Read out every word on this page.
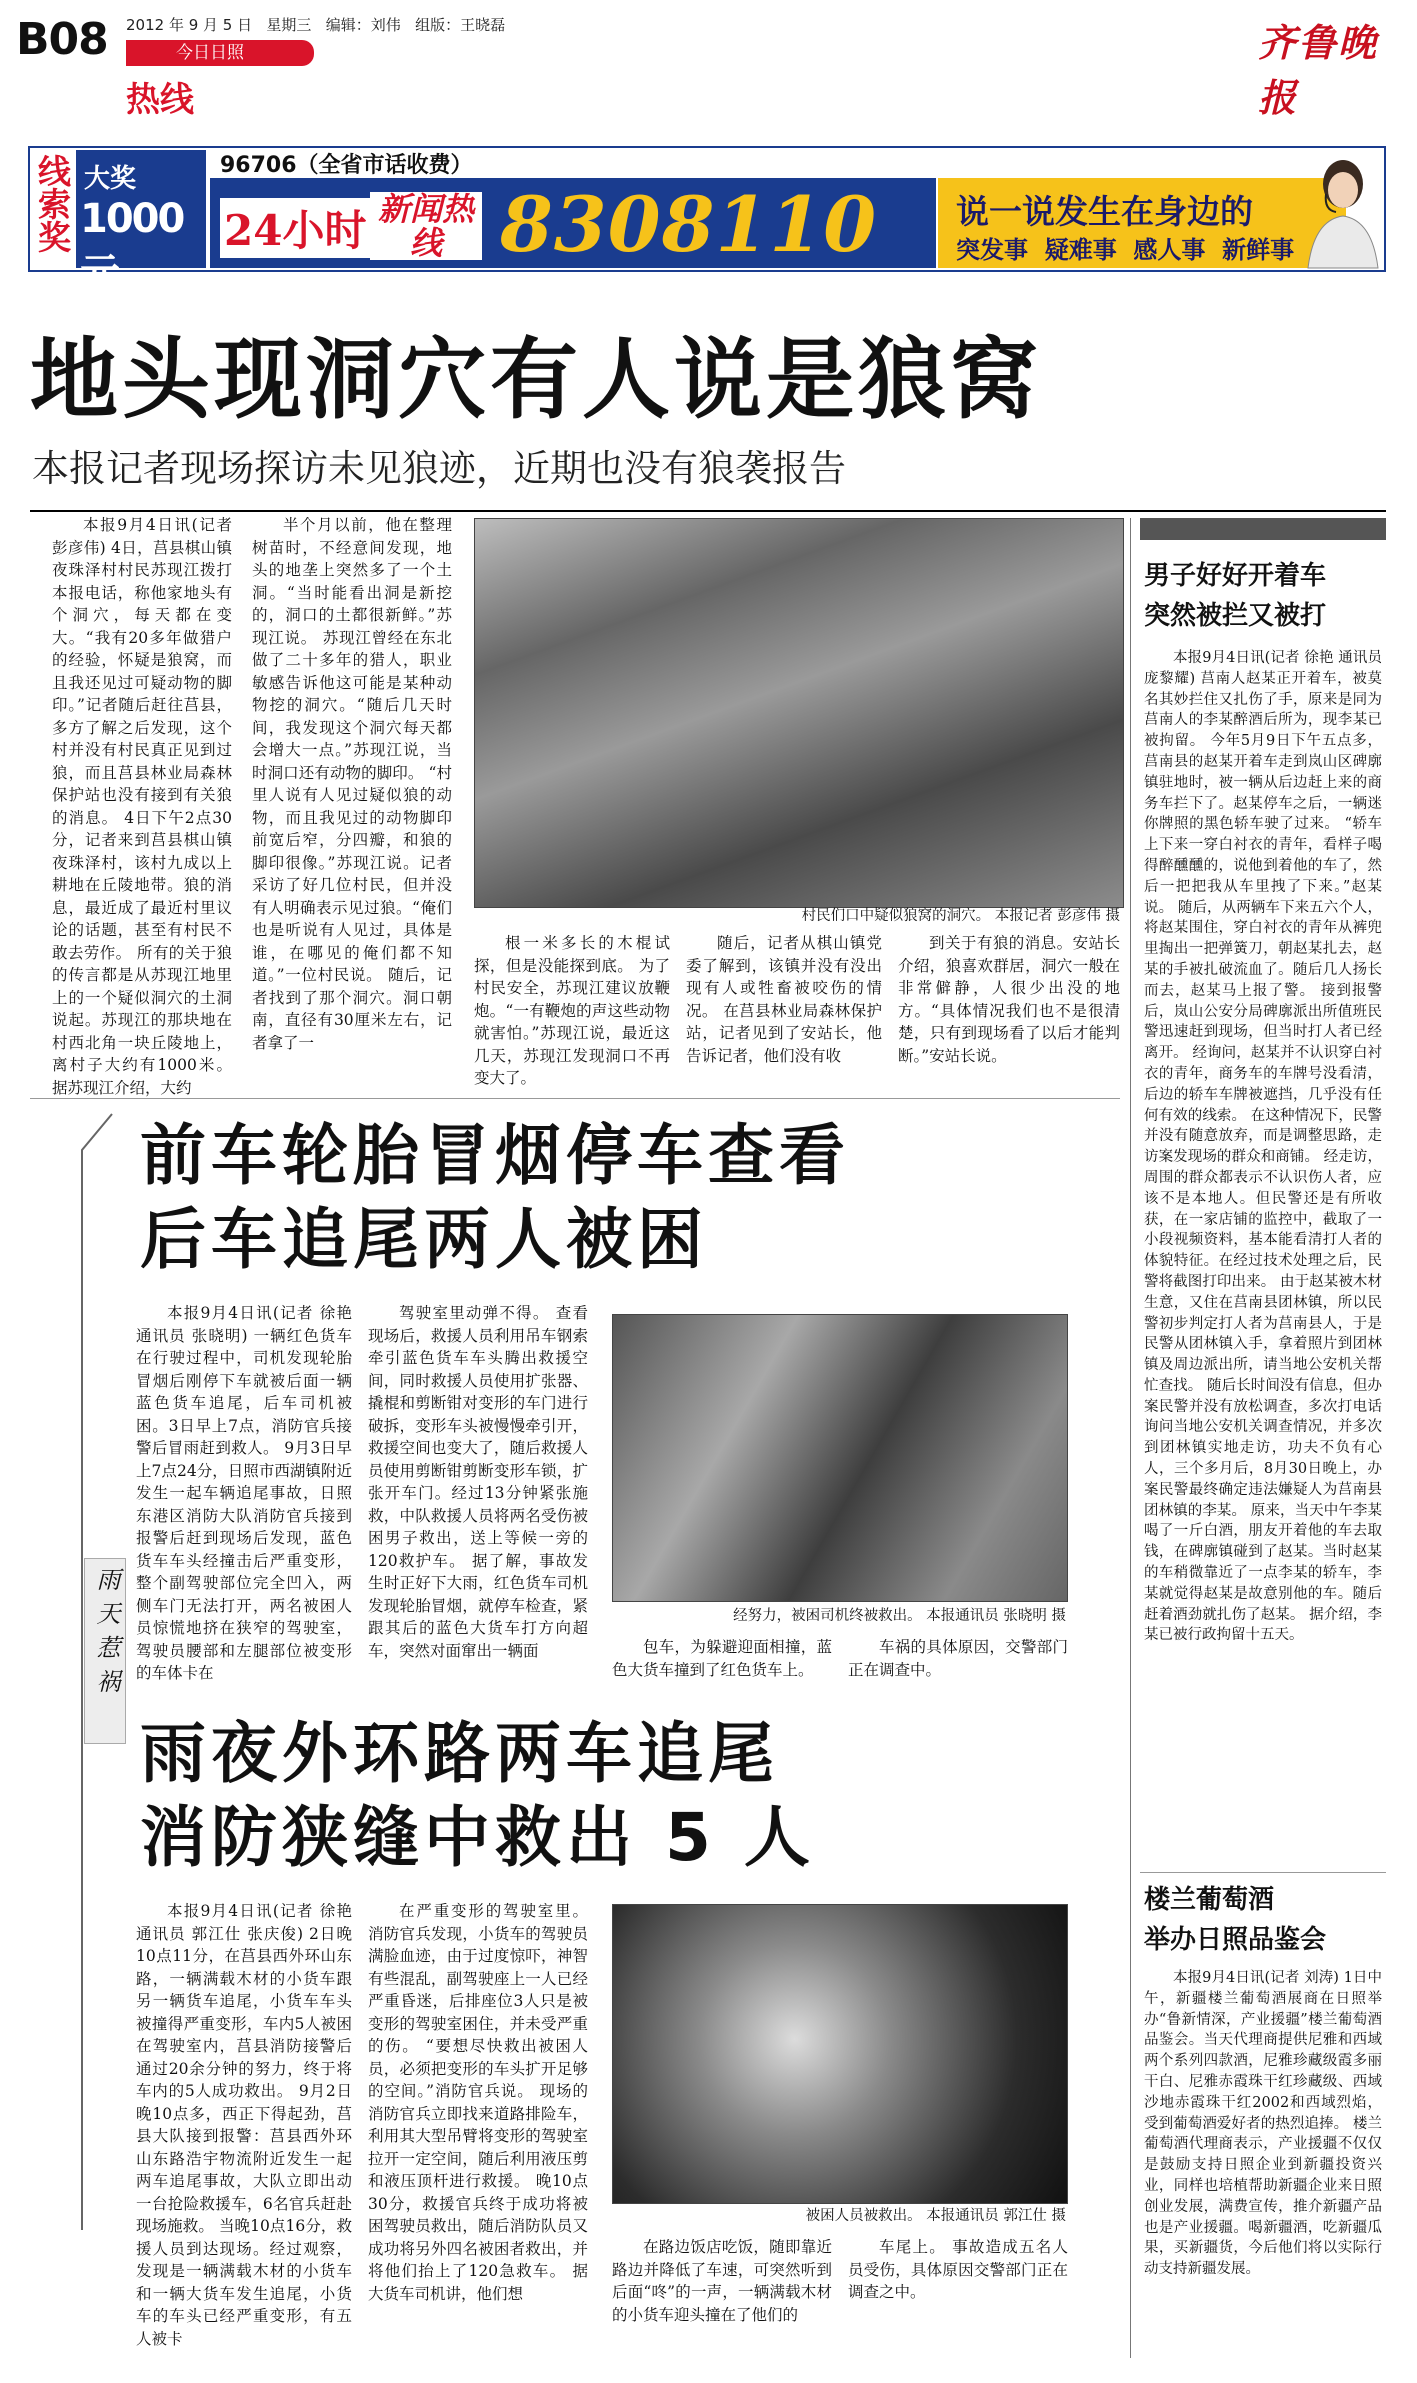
B08 2012 年 9 月 5 日 星期三 编辑：刘伟 组版：王晓磊
今日日照
热线
齐鲁晚报
线索奖 大奖
1000元
96706（全省市话收费）
24小时 新闻热线 8308110 说一说发生在身边的
突发事  疑难事  感人事  新鲜事
地头现洞穴有人说是狼窝
本报记者现场探访未见狼迹，近期也没有狼袭报告

本报9月4日讯(记者 彭彦伟) 4日，莒县棋山镇夜珠泽村村民苏现江拨打本报电话，称他家地头有个洞穴，每天都在变大。“我有20多年做猎户的经验，怀疑是狼窝，而且我还见过可疑动物的脚印。”记者随后赶往莒县，多方了解之后发现，这个村并没有村民真正见到过狼，而且莒县林业局森林保护站也没有接到有关狼的消息。 4日下午2点30分，记者来到莒县棋山镇夜珠泽村，该村九成以上耕地在丘陵地带。狼的消息，最近成了最近村里议论的话题，甚至有村民不敢去劳作。 所有的关于狼的传言都是从苏现江地里上的一个疑似洞穴的土洞说起。苏现江的那块地在村西北角一块丘陵地上，离村子大约有1000米。 据苏现江介绍，大约

半个月以前，他在整理树苗时，不经意间发现，地头的地垄上突然多了一个土洞。“当时能看出洞是新挖的，洞口的土都很新鲜。”苏现江说。 苏现江曾经在东北做了二十多年的猎人，职业敏感告诉他这可能是某种动物挖的洞穴。“随后几天时间，我发现这个洞穴每天都会增大一点。”苏现江说，当时洞口还有动物的脚印。 “村里人说有人见过疑似狼的动物，而且我见过的动物脚印前宽后窄，分四瓣，和狼的脚印很像。”苏现江说。记者采访了好几位村民，但并没有人明确表示见过狼。“俺们也是听说有人见过，具体是谁，在哪见的俺们都不知道。”一位村民说。 随后，记者找到了那个洞穴。洞口朝南，直径有30厘米左右，记者拿了一

村民们口中疑似狼窝的洞穴。 本报记者 彭彦伟 摄

根一米多长的木棍试探，但是没能探到底。 为了村民安全，苏现江建议放鞭炮。“一有鞭炮的声这些动物就害怕。”苏现江说，最近这几天，苏现江发现洞口不再变大了。

随后，记者从棋山镇党委了解到，该镇并没有没出现有人或牲畜被咬伤的情况。 在莒县林业局森林保护站，记者见到了安站长，他告诉记者，他们没有收

到关于有狼的消息。安站长介绍，狼喜欢群居，洞穴一般在非常僻静，人很少出没的地方。“具体情况我们也不是很清楚，只有到现场看了以后才能判断。”安站长说。

男子好好开着车
突然被拦又被打

本报9月4日讯(记者 徐艳 通讯员 庞黎耀) 莒南人赵某正开着车，被莫名其妙拦住又扎伤了手，原来是同为莒南人的李某醉酒后所为，现李某已被拘留。 今年5月9日下午五点多，莒南县的赵某开着车走到岚山区碑廓镇驻地时，被一辆从后边赶上来的商务车拦下了。赵某停车之后，一辆迷你牌照的黑色轿车驶了过来。 “轿车上下来一穿白衬衣的青年，看样子喝得醉醺醺的，说他到着他的车了，然后一把把我从车里拽了下来。”赵某说。 随后，从两辆车下来五六个人，将赵某围住，穿白衬衣的青年从裤兜里掏出一把弹簧刀，朝赵某扎去，赵某的手被扎破流血了。随后几人扬长而去，赵某马上报了警。 接到报警后，岚山公安分局碑廓派出所值班民警迅速赶到现场，但当时打人者已经离开。 经询问，赵某并不认识穿白衬衣的青年，商务车的车牌号没看清，后边的轿车车牌被遮挡，几乎没有任何有效的线索。 在这种情况下，民警并没有随意放弃，而是调整思路，走访案发现场的群众和商铺。 经走访，周围的群众都表示不认识伤人者，应该不是本地人。但民警还是有所收获，在一家店铺的监控中，截取了一小段视频资料，基本能看清打人者的体貌特征。在经过技术处理之后，民警将截图打印出来。 由于赵某被木材生意，又住在莒南县团林镇，所以民警初步判定打人者为莒南县人，于是民警从团林镇入手，拿着照片到团林镇及周边派出所，请当地公安机关帮忙查找。 随后长时间没有信息，但办案民警并没有放松调查，多次打电话询问当地公安机关调查情况，并多次到团林镇实地走访，功夫不负有心人，三个多月后，8月30日晚上，办案民警最终确定违法嫌疑人为莒南县团林镇的李某。 原来，当天中午李某喝了一斤白酒，朋友开着他的车去取钱，在碑廓镇碰到了赵某。当时赵某的车稍微靠近了一点李某的轿车，李某就觉得赵某是故意别他的车。随后赶着酒劲就扎伤了赵某。 据介绍，李某已被行政拘留十五天。

楼兰葡萄酒
举办日照品鉴会

本报9月4日讯(记者 刘涛) 1日中午，新疆楼兰葡萄酒展商在日照举办“鲁新情深，产业援疆”楼兰葡萄酒品鉴会。当天代理商提供尼雅和西域两个系列四款酒，尼雅珍藏级霞多丽干白、尼雅赤霞珠干红珍藏级、西域沙地赤霞珠干红2002和西域烈焰，受到葡萄酒爱好者的热烈追捧。 楼兰葡萄酒代理商表示，产业援疆不仅仅是鼓励支持日照企业到新疆投资兴业，同样也培植帮助新疆企业来日照创业发展，满费宣传，推介新疆产品也是产业援疆。喝新疆酒，吃新疆瓜果，买新疆货，今后他们将以实际行动支持新疆发展。

前车轮胎冒烟停车查看
后车追尾两人被困
雨天惹祸

本报9月4日讯(记者 徐艳 通讯员 张晓明) 一辆红色货车在行驶过程中，司机发现轮胎冒烟后刚停下车就被后面一辆蓝色货车追尾，后车司机被困。3日早上7点，消防官兵接警后冒雨赶到救人。 9月3日早上7点24分，日照市西湖镇附近发生一起车辆追尾事故，日照东港区消防大队消防官兵接到报警后赶到现场后发现，蓝色货车车头经撞击后严重变形，整个副驾驶部位完全凹入，两侧车门无法打开，两名被困人员惊慌地挤在狭窄的驾驶室，驾驶员腰部和左腿部位被变形的车体卡在

驾驶室里动弹不得。 查看现场后，救援人员利用吊车钢索牵引蓝色货车车头腾出救援空间，同时救援人员使用扩张器、撬棍和剪断钳对变形的车门进行破拆，变形车头被慢慢牵引开，救援空间也变大了，随后救援人员使用剪断钳剪断变形车锁，扩张开车门。经过13分钟紧张施救，中队救援人员将两名受伤被困男子救出，送上等候一旁的120救护车。 据了解，事故发生时正好下大雨，红色货车司机发现轮胎冒烟，就停车检查，紧跟其后的蓝色大货车打方向超车，突然对面窜出一辆面

经努力，被困司机终被救出。 本报通讯员 张晓明 摄

包车，为躲避迎面相撞，蓝色大货车撞到了红色货车上。

车祸的具体原因，交警部门正在调查中。

雨夜外环路两车追尾
消防狭缝中救出 5 人

本报9月4日讯(记者 徐艳 通讯员 郭江仕 张庆俊) 2日晚10点11分，在莒县西外环山东路，一辆满载木材的小货车跟另一辆货车追尾，小货车车头被撞得严重变形，车内5人被困在驾驶室内，莒县消防接警后通过20余分钟的努力，终于将车内的5人成功救出。 9月2日晚10点多，西正下得起劲，莒县大队接到报警：莒县西外环山东路浩宇物流附近发生一起两车追尾事故，大队立即出动一台抢险救援车，6名官兵赶赴现场施救。 当晚10点16分，救援人员到达现场。经过观察，发现是一辆满载木材的小货车和一辆大货车发生追尾，小货车的车头已经严重变形，有五人被卡

在严重变形的驾驶室里。 消防官兵发现，小货车的驾驶员满脸血迹，由于过度惊吓，神智有些混乱，副驾驶座上一人已经严重昏迷，后排座位3人只是被变形的驾驶室困住，并未受严重的伤。 “要想尽快救出被困人员，必须把变形的车头扩开足够的空间。”消防官兵说。 现场的消防官兵立即找来道路排险车，利用其大型吊臂将变形的驾驶室拉开一定空间，随后利用液压剪和液压顶杆进行救援。 晚10点30分，救援官兵终于成功将被困驾驶员救出，随后消防队员又成功将另外四名被困者救出，并将他们抬上了120急救车。 据大货车司机讲，他们想

被困人员被救出。 本报通讯员 郭江仕 摄

在路边饭店吃饭，随即靠近路边并降低了车速，可突然听到后面“咚”的一声，一辆满载木材的小货车迎头撞在了他们的

车尾上。 事故造成五名人员受伤，具体原因交警部门正在调查之中。
